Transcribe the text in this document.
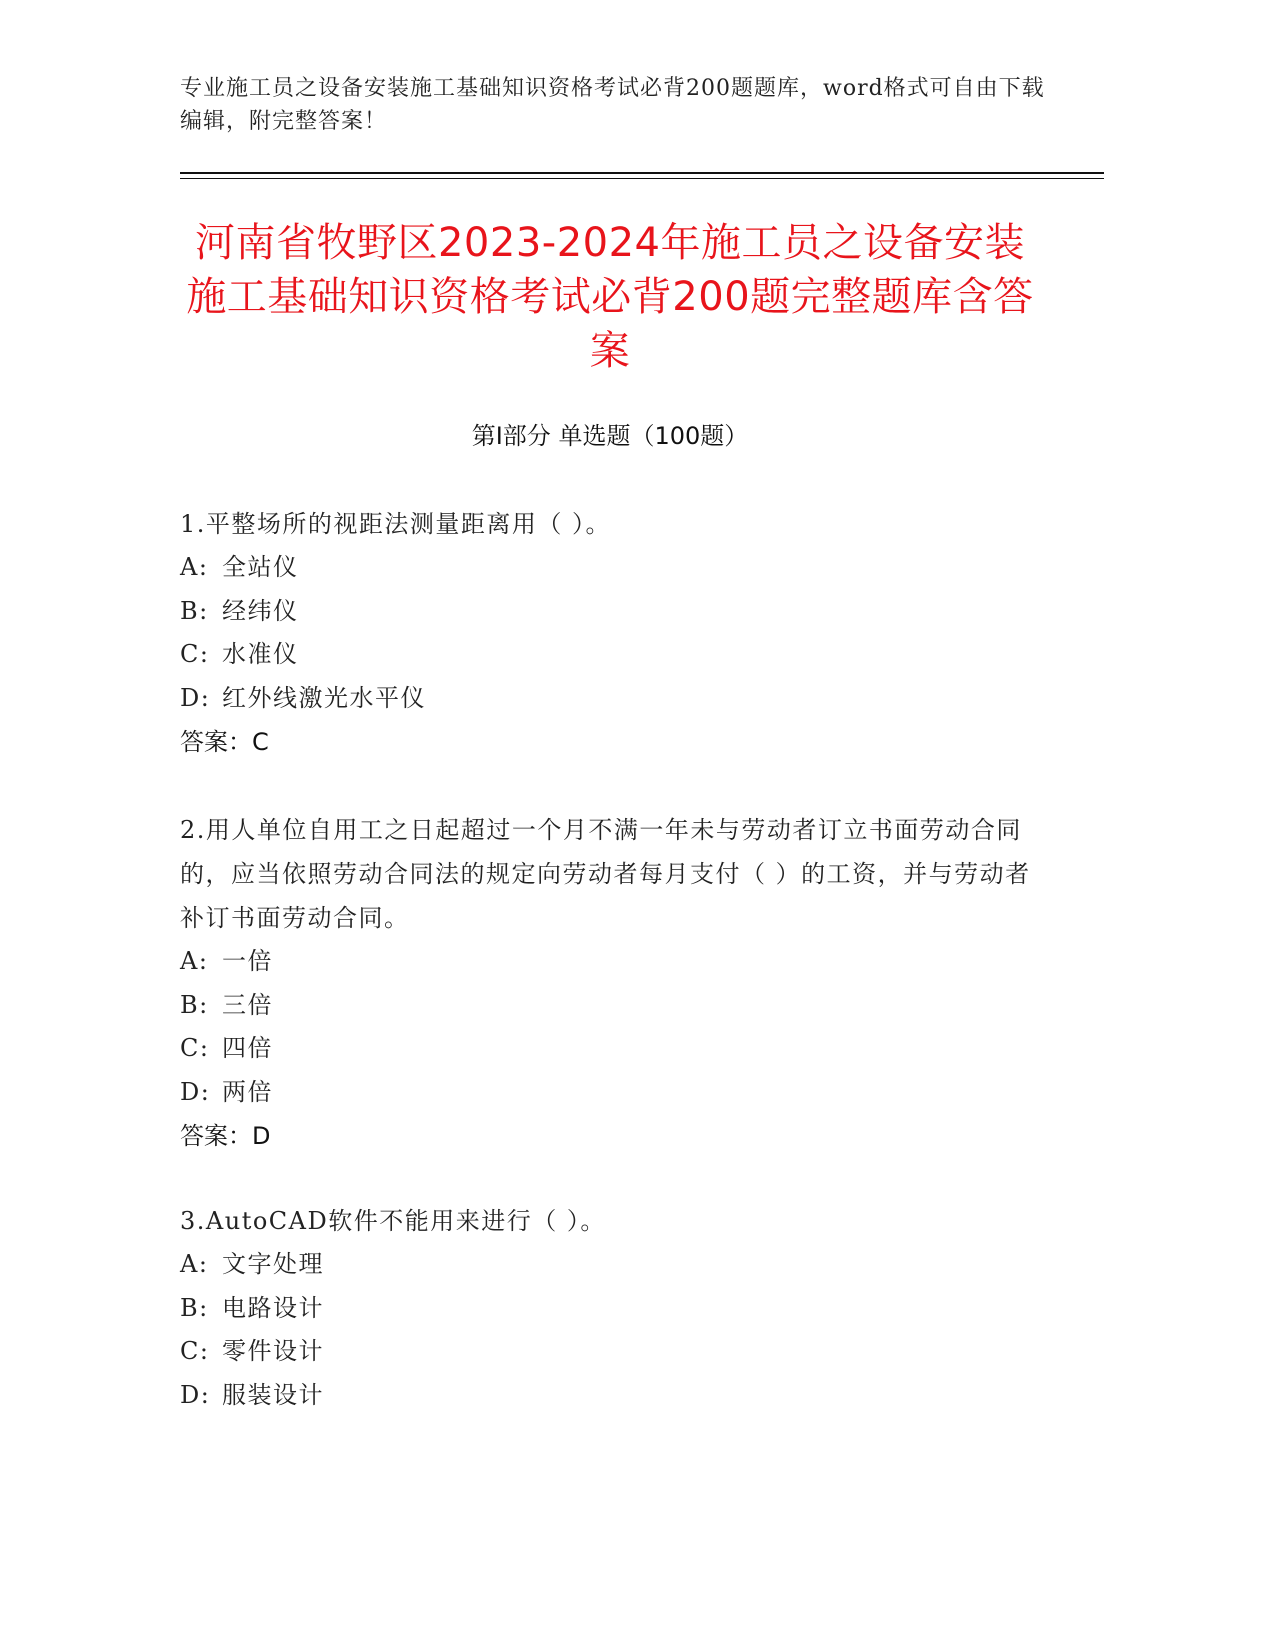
专业施工员之设备安装施工基础知识资格考试必背200题题库，word格式可自由下载编辑，附完整答案！
河南省牧野区2023-2024年施工员之设备安装施工基础知识资格考试必背200题完整题库含答案
第Ⅰ部分 单选题（100题）
1.平整场所的视距法测量距离用（ ）。
A: 全站仪
B: 经纬仪
C: 水准仪
D: 红外线激光水平仪
答案：C
2.用人单位自用工之日起超过一个月不满一年未与劳动者订立书面劳动合同的，应当依照劳动合同法的规定向劳动者每月支付（ ）的工资，并与劳动者补订书面劳动合同。
A: 一倍
B: 三倍
C: 四倍
D: 两倍
答案：D
3.AutoCAD软件不能用来进行（ ）。
A: 文字处理
B: 电路设计
C: 零件设计
D: 服装设计
